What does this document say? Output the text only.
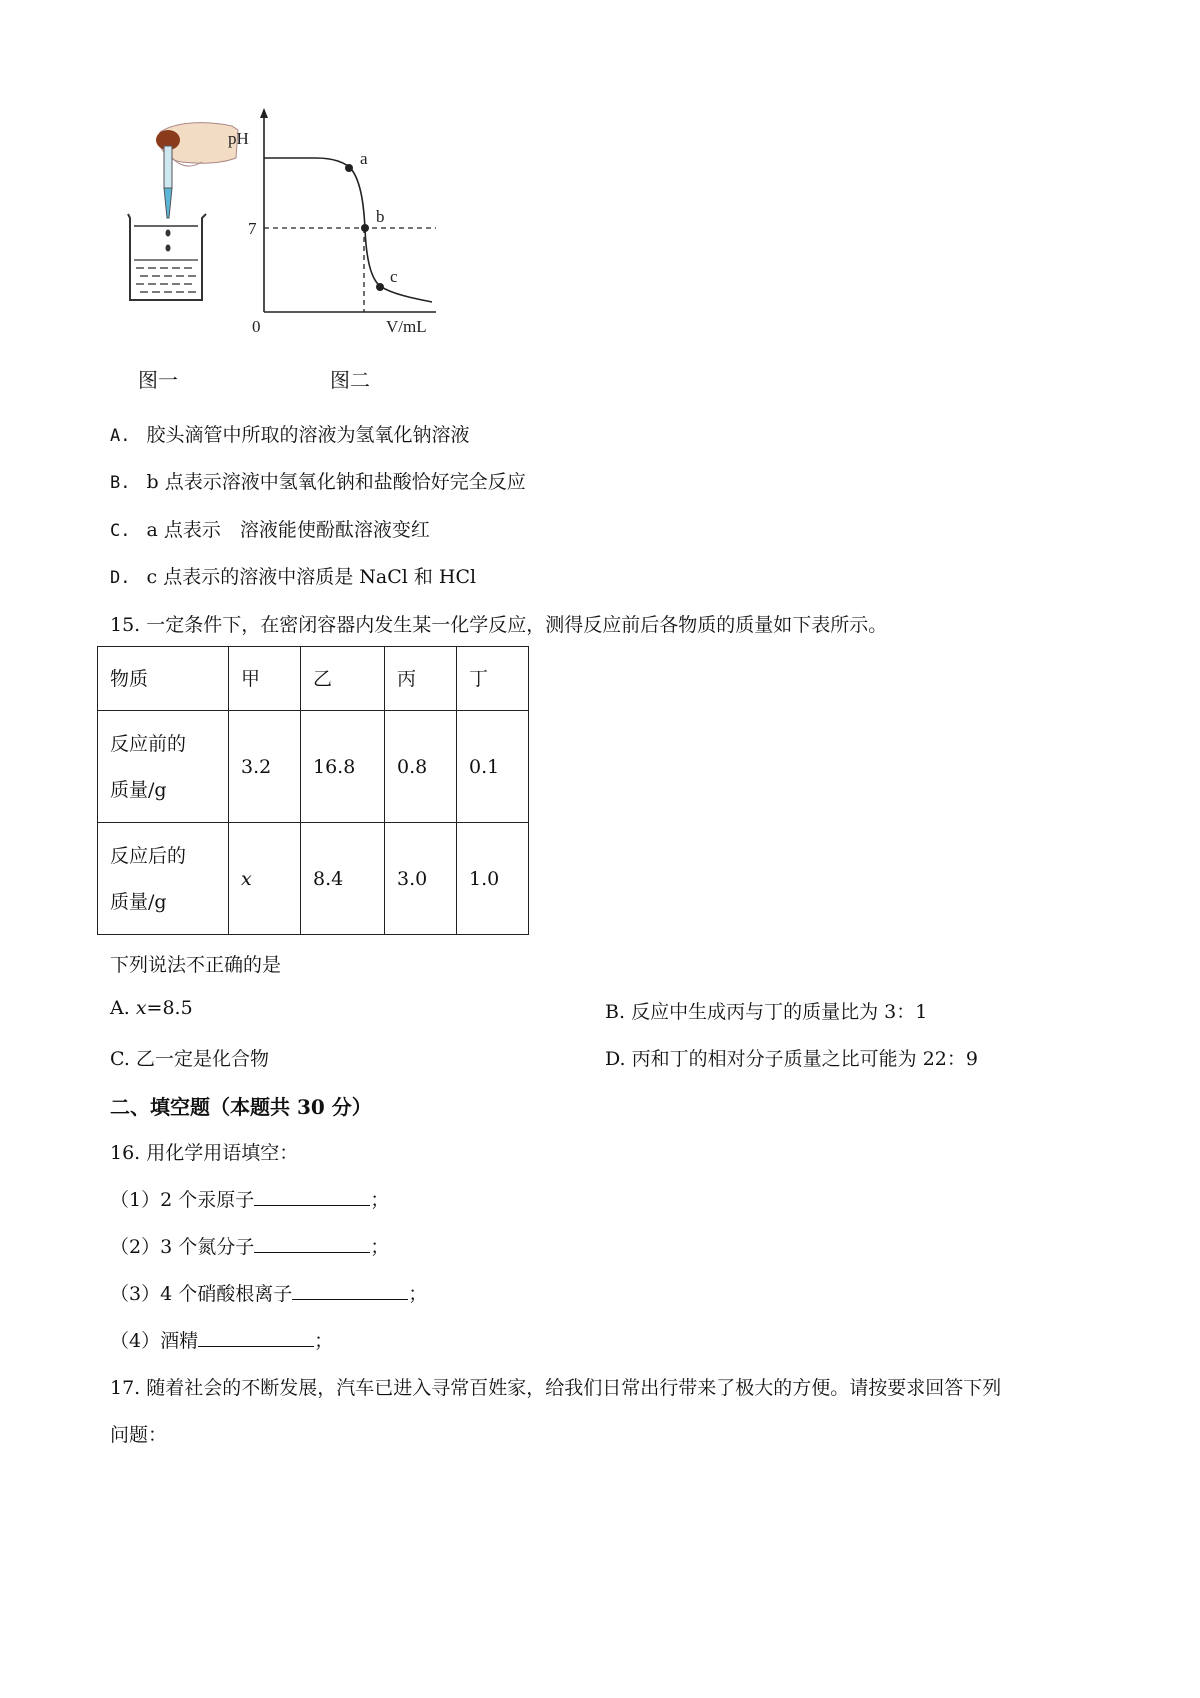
图一
pH
7
0	V/mL
a
b
c
图二
A. 胶头滴管中所取的溶液为氢氧化钠溶液
B. b 点表示溶液中氢氧化钠和盐酸恰好完全反应
C. a 点表示　溶液能使酚酞溶液变红
D. c 点表示的溶液中溶质是 NaCl 和 HCl
15. 一定条件下，在密闭容器内发生某一化学反应，测得反应前后各物质的质量如下表所示。
物质	甲	乙	丙	丁

反应前的
质量/g	3.2	16.8	0.8	0.1

反应后的
质量/g	x	8.4	3.0	1.0
下列说法不正确的是
A. x=8.5	B. 反应中生成丙与丁的质量比为 3：1
C. 乙一定是化合物	D. 丙和丁的相对分子质量之比可能为 22：9
二、填空题（本题共 30 分）
16. 用化学用语填空：
（1）2 个汞原子	；
（2）3 个氮分子	；
（3）4 个硝酸根离子	；
（4）酒精	；
17. 随着社会的不断发展，汽车已进入寻常百姓家，给我们日常出行带来了极大的方便。请按要求回答下列
问题：
